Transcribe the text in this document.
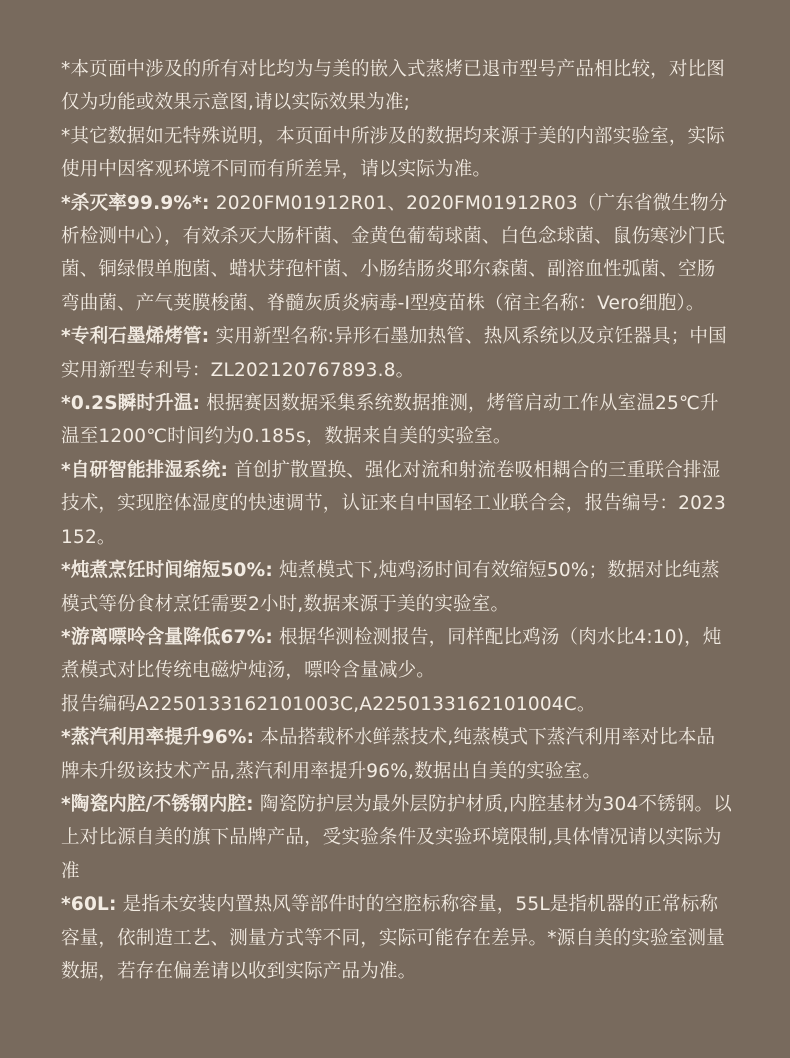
*本页面中涉及的所有对比均为与美的嵌入式蒸烤已退市型号产品相比较，对比图仅为功能或效果示意图,请以实际效果为准;

*其它数据如无特殊说明，本页面中所涉及的数据均来源于美的内部实验室，实际使用中因客观环境不同而有所差异，请以实际为准。

*杀灭率99.9%*: 2020FM01912R01、2020FM01912R03（广东省微生物分析检测中心），有效杀灭大肠杆菌、金黄色葡萄球菌、白色念球菌、鼠伤寒沙门氏菌、铜绿假单胞菌、蜡状芽孢杆菌、小肠结肠炎耶尔森菌、副溶血性弧菌、空肠弯曲菌、产气荚膜梭菌、脊髓灰质炎病毒-Ⅰ型疫苗株（宿主名称：Vero细胞）。

*专利石墨烯烤管: 实用新型名称:异形石墨加热管、热风系统以及京饪器具；中国实用新型专利号：ZL202120767893.8。

*0.2S瞬时升温: 根据赛因数据采集系统数据推测，烤管启动工作从室温25℃升温至1200℃时间约为0.185s，数据来自美的实验室。

*自研智能排湿系统: 首创扩散置换、强化对流和射流卷吸相耦合的三重联合排湿技术，实现腔体湿度的快速调节，认证来自中国轻工业联合会，报告编号：2023152。

*炖煮烹饪时间缩短50%: 炖煮模式下,炖鸡汤时间有效缩短50%；数据对比纯蒸模式等份食材烹饪需要2小时,数据来源于美的实验室。

*游离嘌呤含量降低67%: 根据华测检测报告，同样配比鸡汤（肉水比4:10)，炖煮模式对比传统电磁炉炖汤，嘌呤含量减少。

报告编码A2250133162101003C,A2250133162101004C。

*蒸汽利用率提升96%: 本品搭载杯水鲜蒸技术,纯蒸模式下蒸汽利用率对比本品牌未升级该技术产品,蒸汽利用率提升96%,数据出自美的实验室。

*陶瓷内腔/不锈钢内腔: 陶瓷防护层为最外层防护材质,内腔基材为304不锈钢。以上对比源自美的旗下品牌产品，受实验条件及实验环境限制,具体情况请以实际为准

*60L: 是指未安装内置热风等部件时的空腔标称容量，55L是指机器的正常标称容量，依制造工艺、测量方式等不同，实际可能存在差异。*源自美的实验室测量数据，若存在偏差请以收到实际产品为准。
